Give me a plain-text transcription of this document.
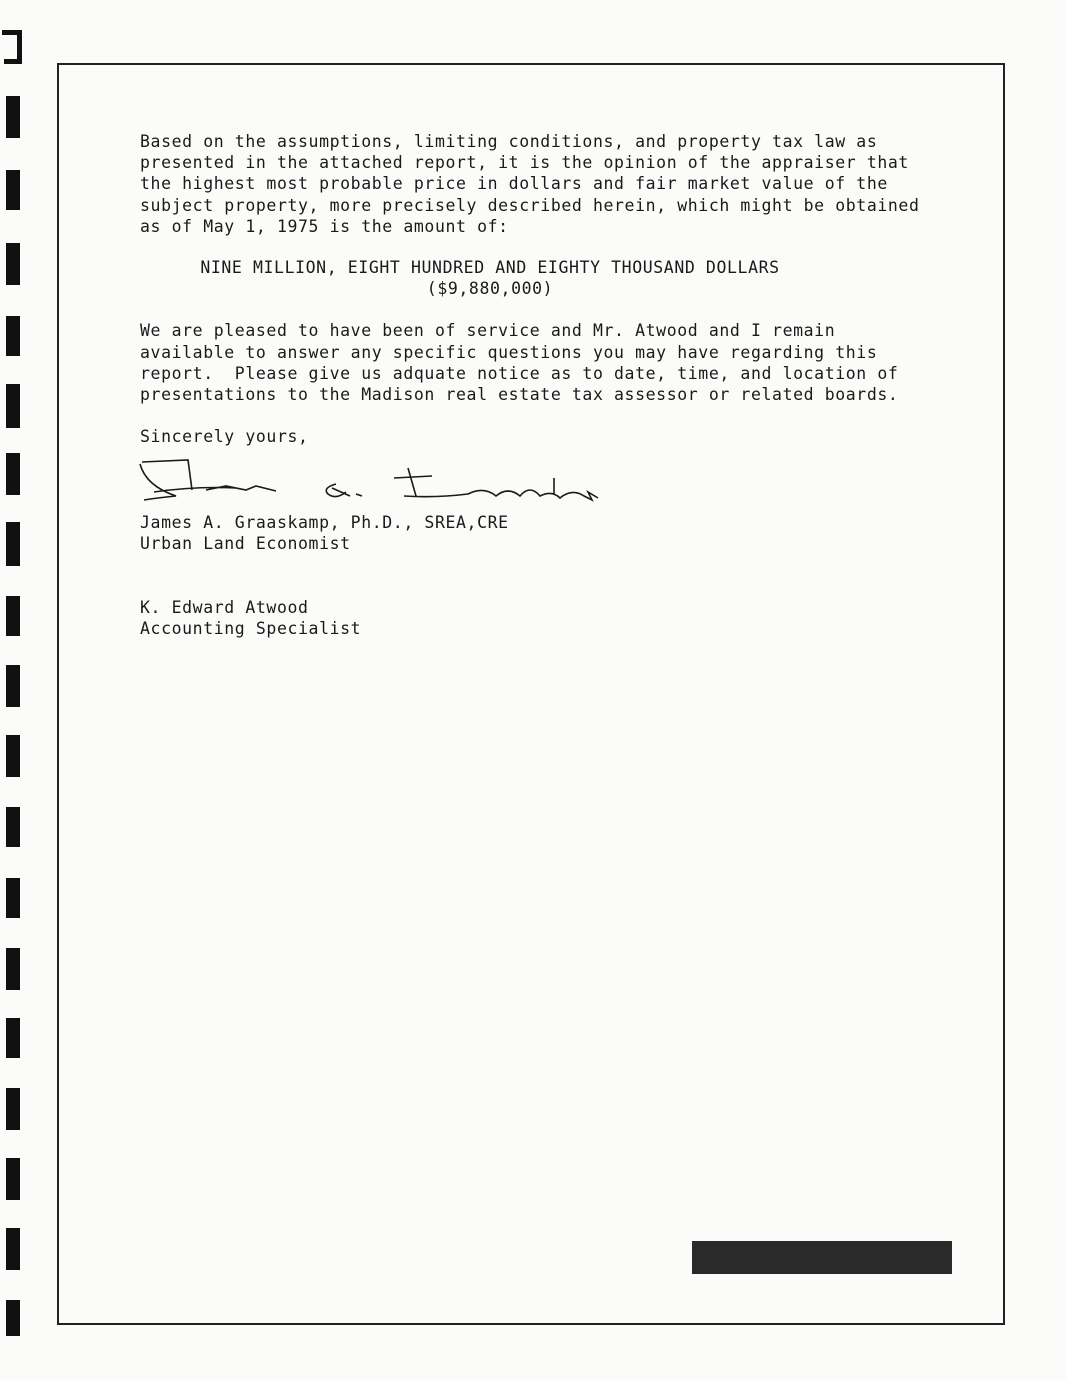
Based on the assumptions, limiting conditions, and property tax law as
presented in the attached report, it is the opinion of the appraiser that
the highest most probable price in dollars and fair market value of the
subject property, more precisely described herein, which might be obtained
as of May 1, 1975 is the amount of:

NINE MILLION, EIGHT HUNDRED AND EIGHTY THOUSAND DOLLARS
($9,880,000)

We are pleased to have been of service and Mr. Atwood and I remain
available to answer any specific questions you may have regarding this
report.  Please give us adquate notice as to date, time, and location of
presentations to the Madison real estate tax assessor or related boards.

Sincerely yours,

James A. Graaskamp, Ph.D., SREA,CRE
Urban Land Economist
K. Edward Atwood
Accounting Specialist
